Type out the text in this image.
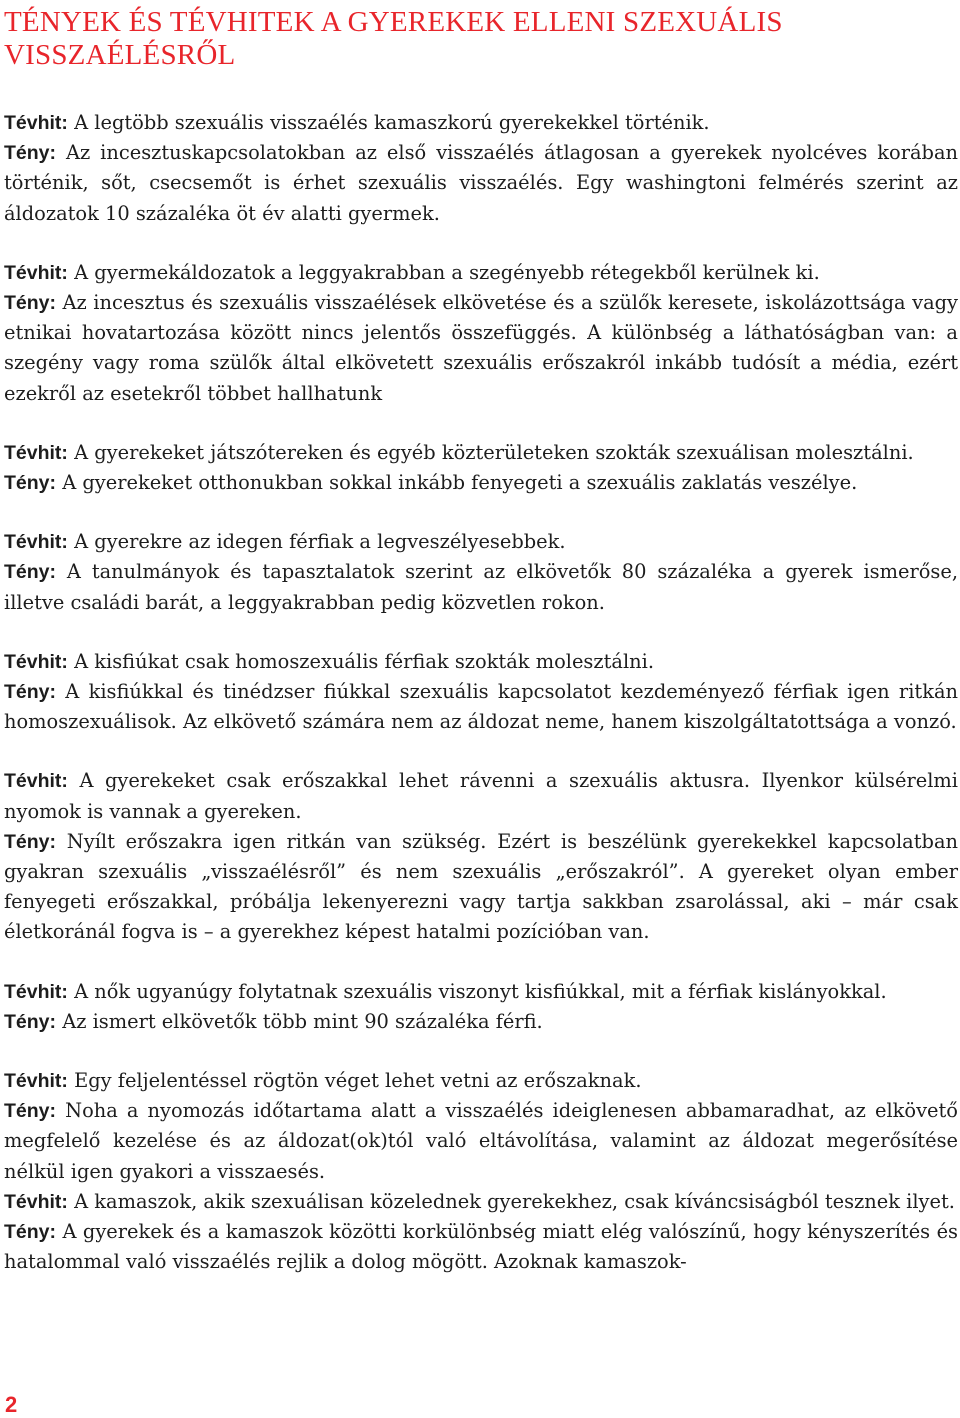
TÉNYEK ÉS TÉVHITEK A GYEREKEK ELLENI SZEXUÁLIS
VISSZAÉLÉSRŐL

Tévhit: A legtöbb szexuális visszaélés kamaszkorú gyerekekkel történik.

Tény: Az incesztuskapcsolatokban az első visszaélés átlagosan a gyerekek nyolcéves korában történik, sőt, csecsemőt is érhet szexuális visszaélés. Egy washingtoni felmérés szerint az áldozatok 10 százaléka öt év alatti gyermek.

Tévhit: A gyermekáldozatok a leggyakrabban a szegényebb rétegekből kerülnek ki.

Tény: Az incesztus és szexuális visszaélések elkövetése és a szülők keresete, iskolázottsága vagy etnikai hovatartozása között nincs jelentős összefüggés. A különbség a láthatóságban van: a szegény vagy roma szülők által elkövetett szexuális erőszakról inkább tudósít a média, ezért ezekről az esetekről többet hallhatunk

Tévhit: A gyerekeket játszótereken és egyéb közterületeken szokták szexuálisan molesztálni.

Tény: A gyerekeket otthonukban sokkal inkább fenyegeti a szexuális zaklatás veszélye.

Tévhit: A gyerekre az idegen férfiak a legveszélyesebbek.

Tény: A tanulmányok és tapasztalatok szerint az elkövetők 80 százaléka a gyerek ismerőse, illetve családi barát, a leggyakrabban pedig közvetlen rokon.

Tévhit: A kisfiúkat csak homoszexuális férfiak szokták molesztálni.

Tény: A kisfiúkkal és tinédzser fiúkkal szexuális kapcsolatot kezdeményező férfiak igen ritkán homoszexuálisok. Az elkövető számára nem az áldozat neme, hanem kiszolgáltatottsága a vonzó.

Tévhit: A gyerekeket csak erőszakkal lehet rávenni a szexuális aktusra. Ilyenkor külsérelmi nyomok is vannak a gyereken.

Tény: Nyílt erőszakra igen ritkán van szükség. Ezért is beszélünk gyerekekkel kapcsolatban gyakran szexuális „visszaélésről” és nem szexuális „erőszakról”. A gyereket olyan ember fenyegeti erőszakkal, próbálja lekenyerezni vagy tartja sakkban zsarolással, aki – már csak életkoránál fogva is – a gyerekhez képest hatalmi pozícióban van.

Tévhit: A nők ugyanúgy folytatnak szexuális viszonyt kisfiúkkal, mit a férfiak kislányokkal.

Tény: Az ismert elkövetők több mint 90 százaléka férfi.

Tévhit: Egy feljelentéssel rögtön véget lehet vetni az erőszaknak.

Tény: Noha a nyomozás időtartama alatt a visszaélés ideiglenesen abbamaradhat, az elkövető megfelelő kezelése és az áldozat(ok)tól való eltávolítása, valamint az áldozat megerősítése nélkül igen gyakori a visszaesés.

Tévhit: A kamaszok, akik szexuálisan közelednek gyerekekhez, csak kíváncsiságból tesznek ilyet.

Tény: A gyerekek és a kamaszok közötti korkülönbség miatt elég valószínű, hogy kényszerítés és hatalommal való visszaélés rejlik a dolog mögött. Azoknak kamaszok-

2
